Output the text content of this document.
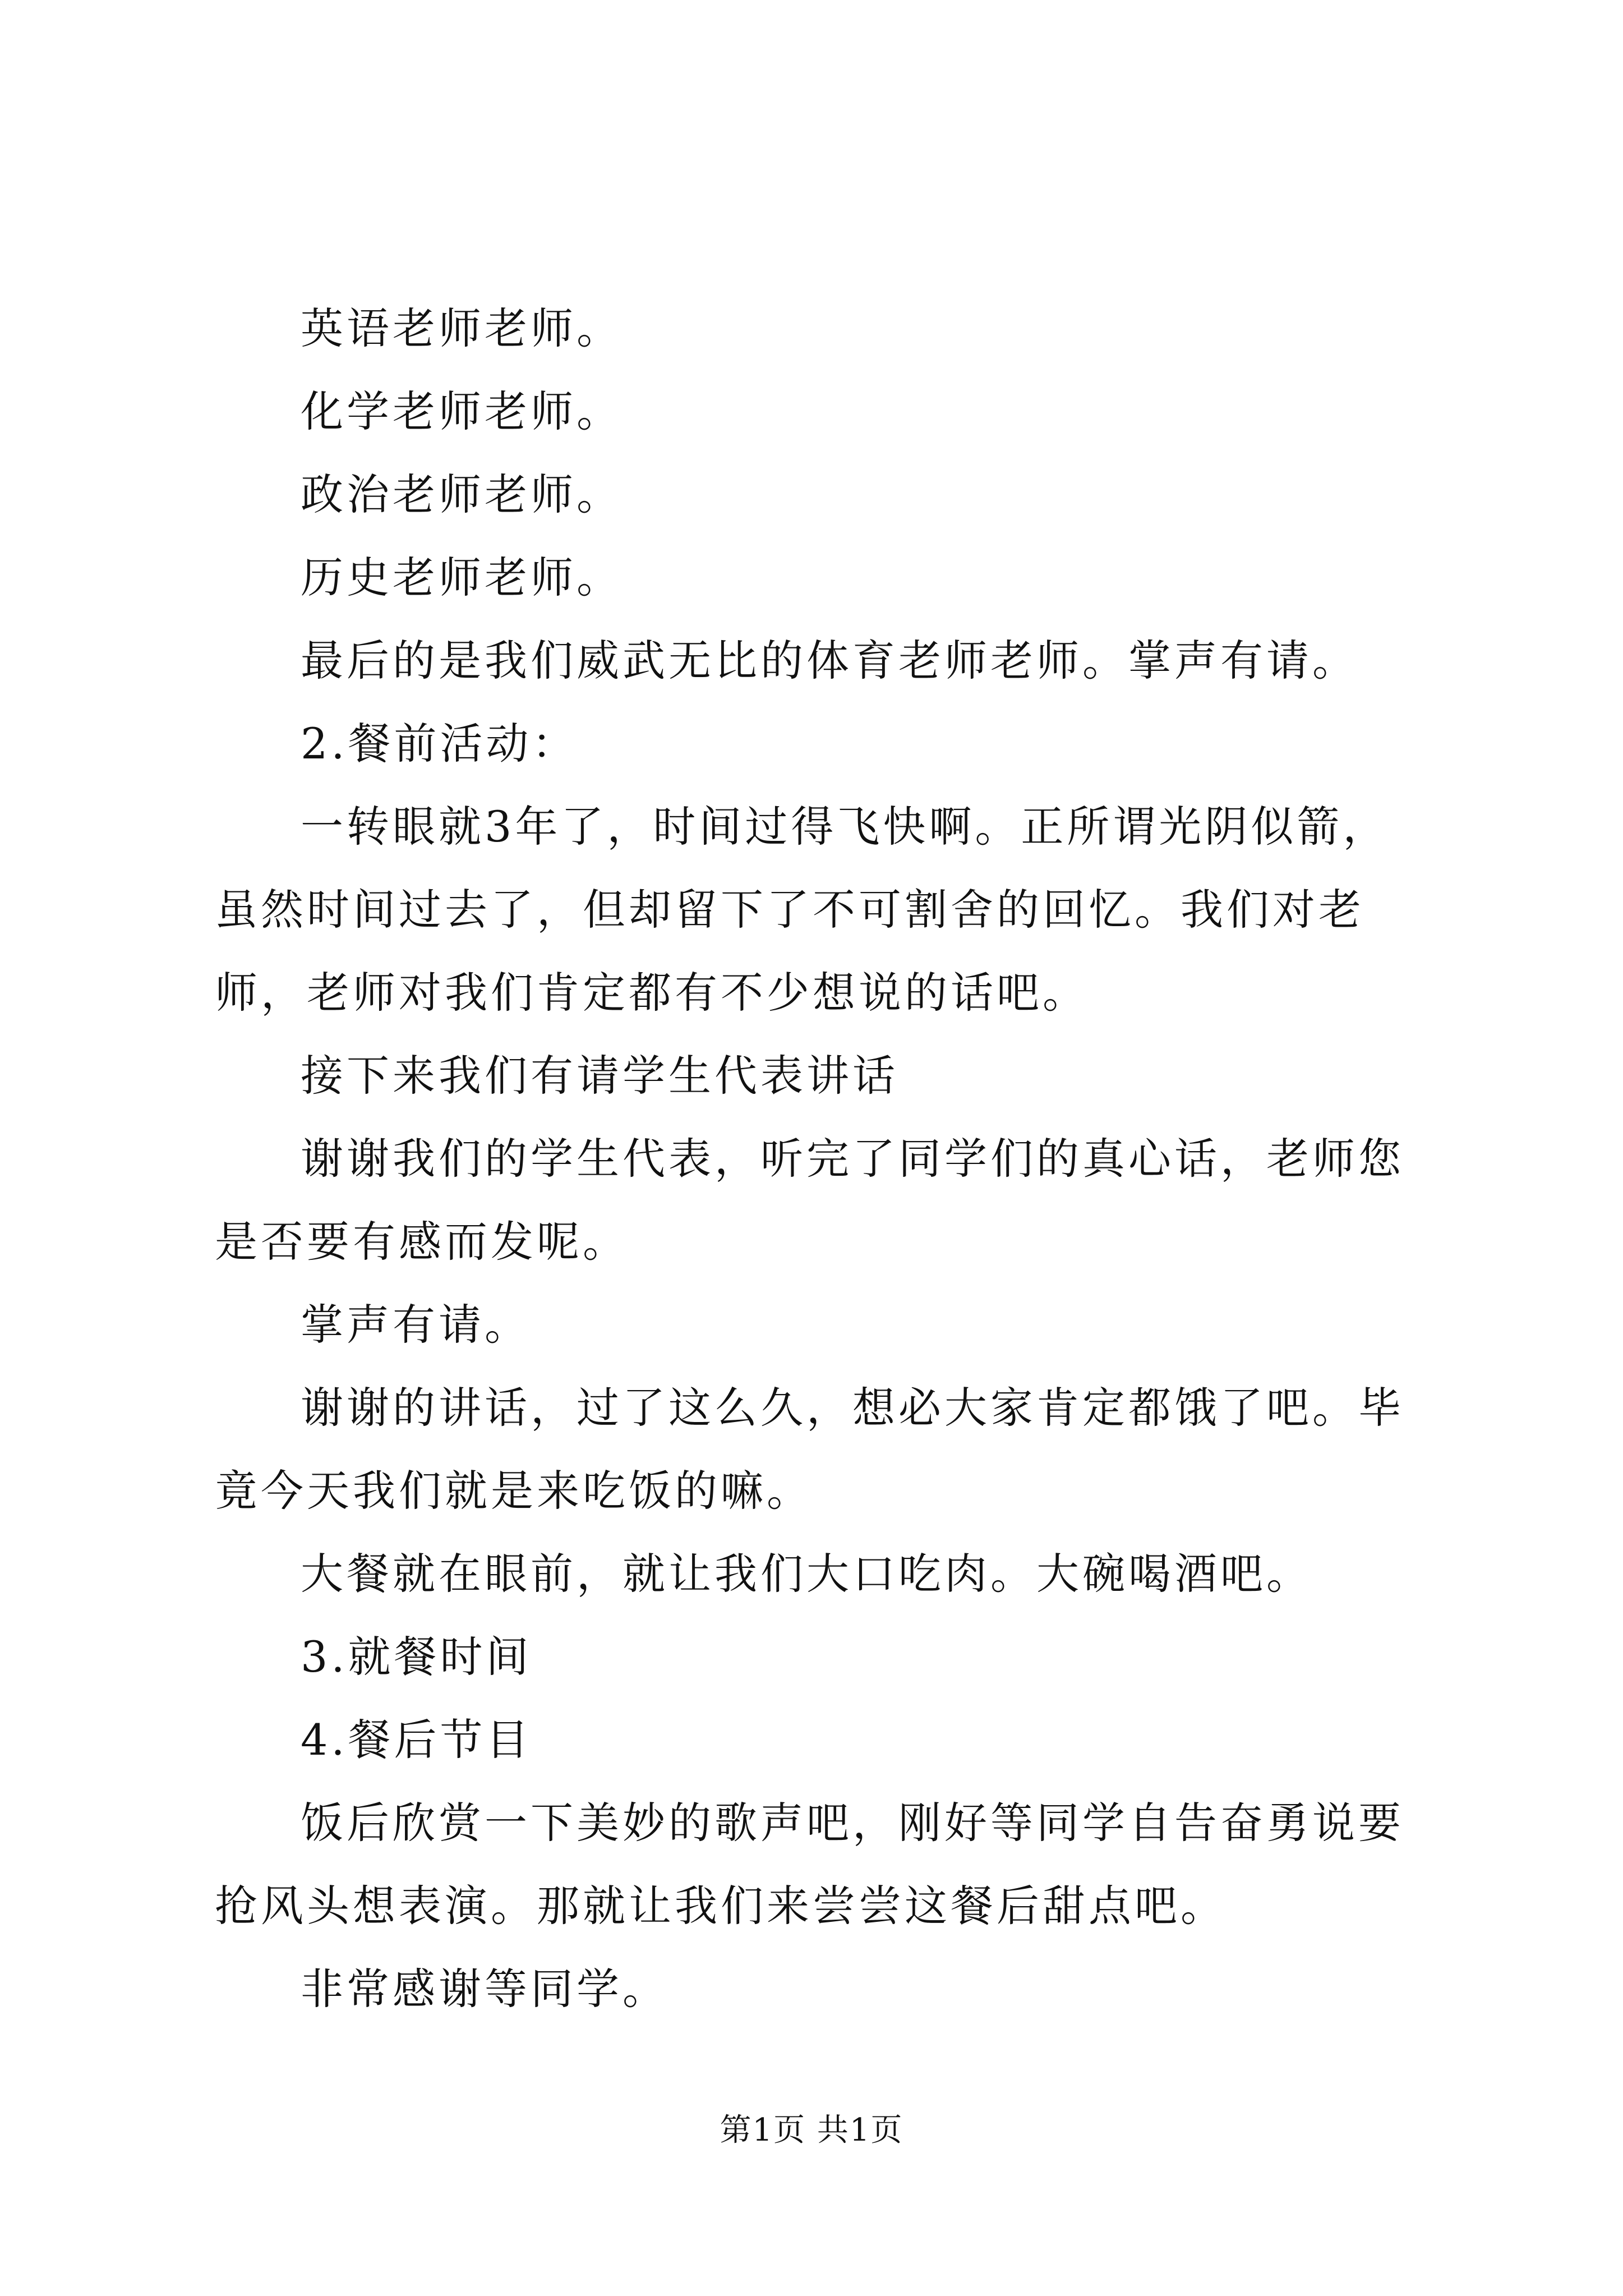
英语老师老师。

化学老师老师。

政治老师老师。

历史老师老师。

最后的是我们威武无比的体育老师老师。掌声有请。

2.餐前活动：

一转眼就3年了，时间过得飞快啊。正所谓光阴似箭，虽然时间过去了，但却留下了不可割舍的回忆。我们对老师，老师对我们肯定都有不少想说的话吧。

接下来我们有请学生代表讲话

谢谢我们的学生代表，听完了同学们的真心话，老师您是否要有感而发呢。

掌声有请。

谢谢的讲话，过了这么久，想必大家肯定都饿了吧。毕竟今天我们就是来吃饭的嘛。

大餐就在眼前，就让我们大口吃肉。大碗喝酒吧。

3.就餐时间

4.餐后节目

饭后欣赏一下美妙的歌声吧，刚好等同学自告奋勇说要抢风头想表演。那就让我们来尝尝这餐后甜点吧。

非常感谢等同学。

第1页 共1页
